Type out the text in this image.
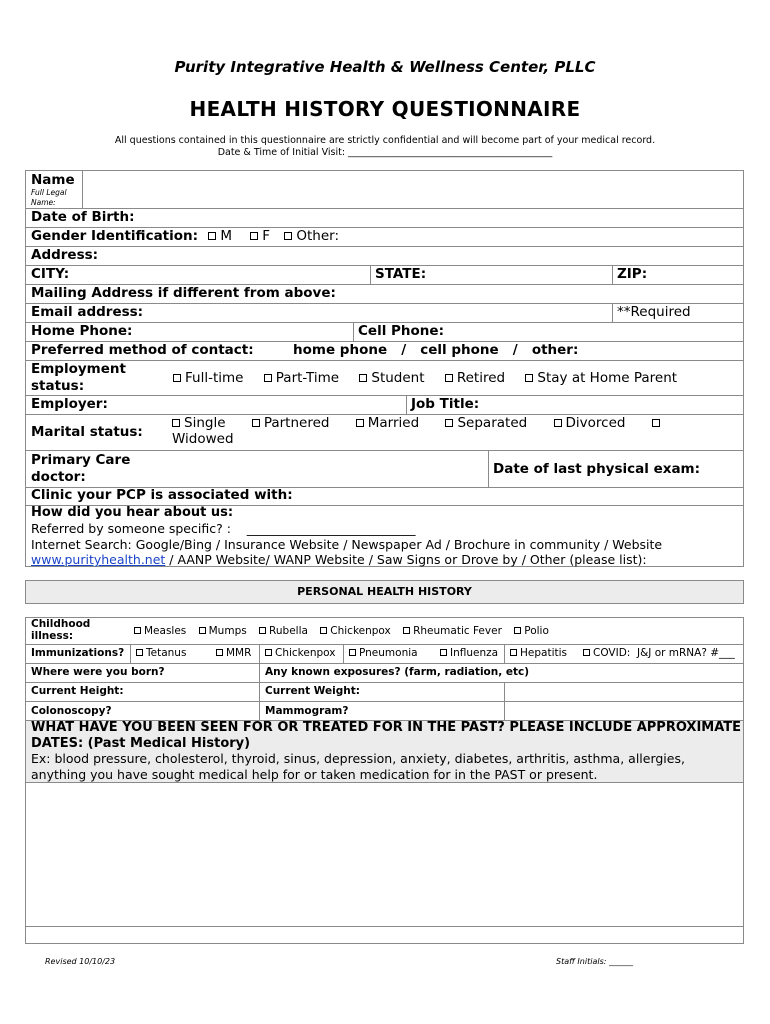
Purity Integrative Health & Wellness Center, PLLC
HEALTH HISTORY QUESTIONNAIRE
All questions contained in this questionnaire are strictly confidential and will become part of your medical record.
Date & Time of Initial Visit: ___________________________________________
Name
Full Legal Name:
Date of Birth:
Gender Identification: M F Other:
Address:
CITY:	STATE:	ZIP:
Mailing Address if different from above:
Email address:	**Required
Home Phone:	Cell Phone:
Preferred method of contact:	home phone   /   cell phone   /   other:
Employment
status:	Full-time Part-Time Student Retired Stay at Home Parent
Employer:	Job Title:
Marital status:
Single	Partnered	Married	Separated	Divorced
Widowed
Primary Care
doctor:	Date of last physical exam:
Clinic your PCP is associated with:
How did you hear about us:
Referred by someone specific? :    ___________________________
Internet Search: Google/Bing / Insurance Website / Newspaper Ad / Brochure in community / Website
www.purityhealth.net / AANP Website/ WANP Website / Saw Signs or Drove by / Other (please list):
PERSONAL HEALTH HISTORY
Childhood
illness:	Measles Mumps Rubella Chickenpox Rheumatic Fever Polio
Immunizations?	Tetanus	MMR	Chickenpox	Pneumonia	Influenza	Hepatitis	COVID:  J&J or mRNA? #___
Where were you born?	Any known exposures? (farm, radiation, etc)
Current Height:	Current Weight:
Colonoscopy?	Mammogram?
WHAT HAVE YOU BEEN SEEN FOR OR TREATED FOR IN THE PAST? PLEASE INCLUDE APPROXIMATE
DATES: (Past Medical History)
Ex: blood pressure, cholesterol, thyroid, sinus, depression, anxiety, diabetes, arthritis, asthma, allergies,
anything you have sought medical help for or taken medication for in the PAST or present.
Revised 10/10/23	Staff Initials: ______
